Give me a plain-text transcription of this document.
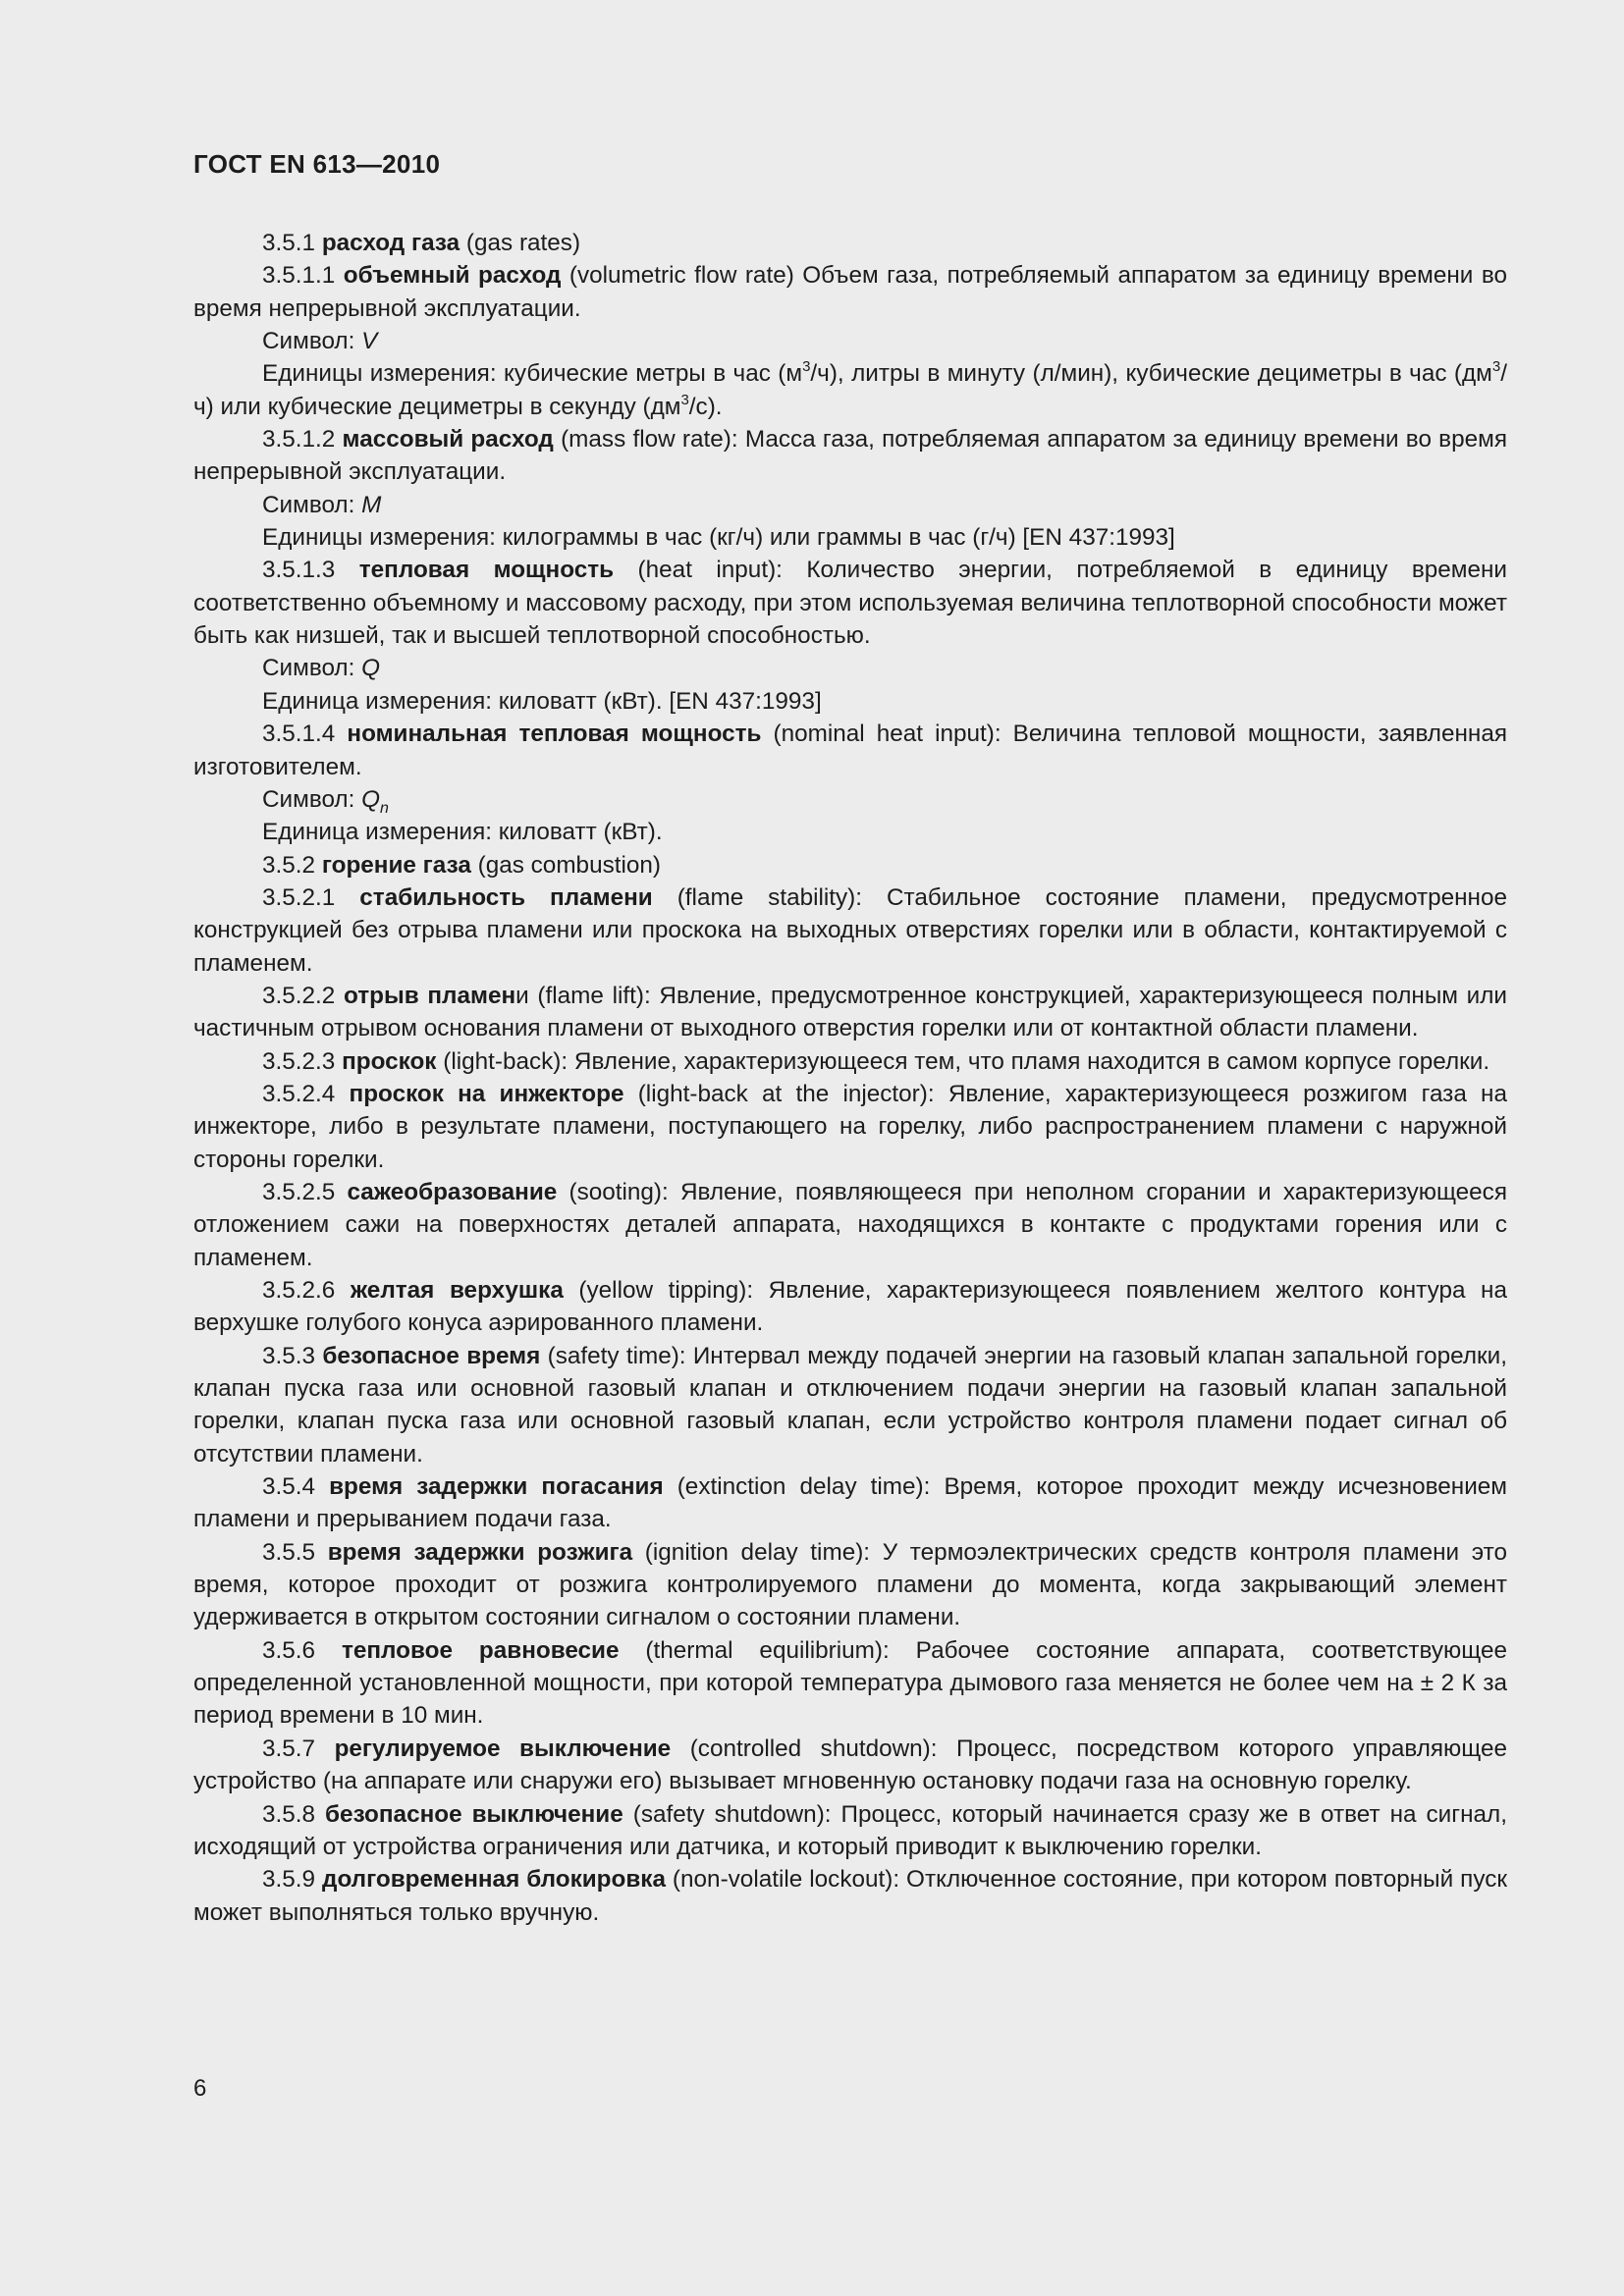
ГОСТ EN 613—2010

3.5.1 расход газа (gas rates)

3.5.1.1 объемный расход (volumetric flow rate) Объем газа, потребляемый аппаратом за единицу времени во время непрерывной эксплуатации.

Символ: V

Единицы измерения: кубические метры в час $(м^3/ч)$, литры в минуту (л/мин), кубические дециметры в час $(дм^3/ч)$ или кубические дециметры в секунду $(дм^3/с)$.

3.5.1.2 массовый расход (mass flow rate): Масса газа, потребляемая аппаратом за единицу времени во время непрерывной эксплуатации.

Символ: M

Единицы измерения: килограммы в час (кг/ч) или граммы в час (г/ч) [EN 437:1993]

3.5.1.3 тепловая мощность (heat input): Количество энергии, потребляемой в единицу времени соответственно объемному и массовому расходу, при этом используемая величина теплотворной способности может быть как низшей, так и высшей теплотворной способностью.

Символ: Q

Единица измерения: киловатт (кВт). [EN 437:1993]

3.5.1.4 номинальная тепловая мощность (nominal heat input): Величина тепловой мощности, заявленная изготовителем.

Символ: $Q_n$

Единица измерения: киловатт (кВт).

3.5.2 горение газа (gas combustion)

3.5.2.1 стабильность пламени (flame stability): Стабильное состояние пламени, предусмотренное конструкцией без отрыва пламени или проскока на выходных отверстиях горелки или в области, контактируемой с пламенем.

3.5.2.2 отрыв пламени (flame lift): Явление, предусмотренное конструкцией, характеризующееся полным или частичным отрывом основания пламени от выходного отверстия горелки или от контактной области пламени.

3.5.2.3 проскок (light-back): Явление, характеризующееся тем, что пламя находится в самом корпусе горелки.

3.5.2.4 проскок на инжекторе (light-back at the injector): Явление, характеризующееся розжигом газа на инжекторе, либо в результате пламени, поступающего на горелку, либо распространением пламени с наружной стороны горелки.

3.5.2.5 сажеобразование (sooting): Явление, появляющееся при неполном сгорании и характеризующееся отложением сажи на поверхностях деталей аппарата, находящихся в контакте с продуктами горения или с пламенем.

3.5.2.6 желтая верхушка (yellow tipping): Явление, характеризующееся появлением желтого контура на верхушке голубого конуса аэрированного пламени.

3.5.3 безопасное время (safety time): Интервал между подачей энергии на газовый клапан запальной горелки, клапан пуска газа или основной газовый клапан и отключением подачи энергии на газовый клапан запальной горелки, клапан пуска газа или основной газовый клапан, если устройство контроля пламени подает сигнал об отсутствии пламени.

3.5.4 время задержки погасания (extinction delay time): Время, которое проходит между исчезновением пламени и прерыванием подачи газа.

3.5.5 время задержки розжига (ignition delay time): У термоэлектрических средств контроля пламени это время, которое проходит от розжига контролируемого пламени до момента, когда закрывающий элемент удерживается в открытом состоянии сигналом о состоянии пламени.

3.5.6 тепловое равновесие (thermal equilibrium): Рабочее состояние аппарата, соответствующее определенной установленной мощности, при которой температура дымового газа меняется не более чем на ± 2 К за период времени в 10 мин.

3.5.7 регулируемое выключение (controlled shutdown): Процесс, посредством которого управляющее устройство (на аппарате или снаружи его) вызывает мгновенную остановку подачи газа на основную горелку.

3.5.8 безопасное выключение (safety shutdown): Процесс, который начинается сразу же в ответ на сигнал, исходящий от устройства ограничения или датчика, и который приводит к выключению горелки.

3.5.9 долговременная блокировка (non-volatile lockout): Отключенное состояние, при котором повторный пуск может выполняться только вручную.

6
